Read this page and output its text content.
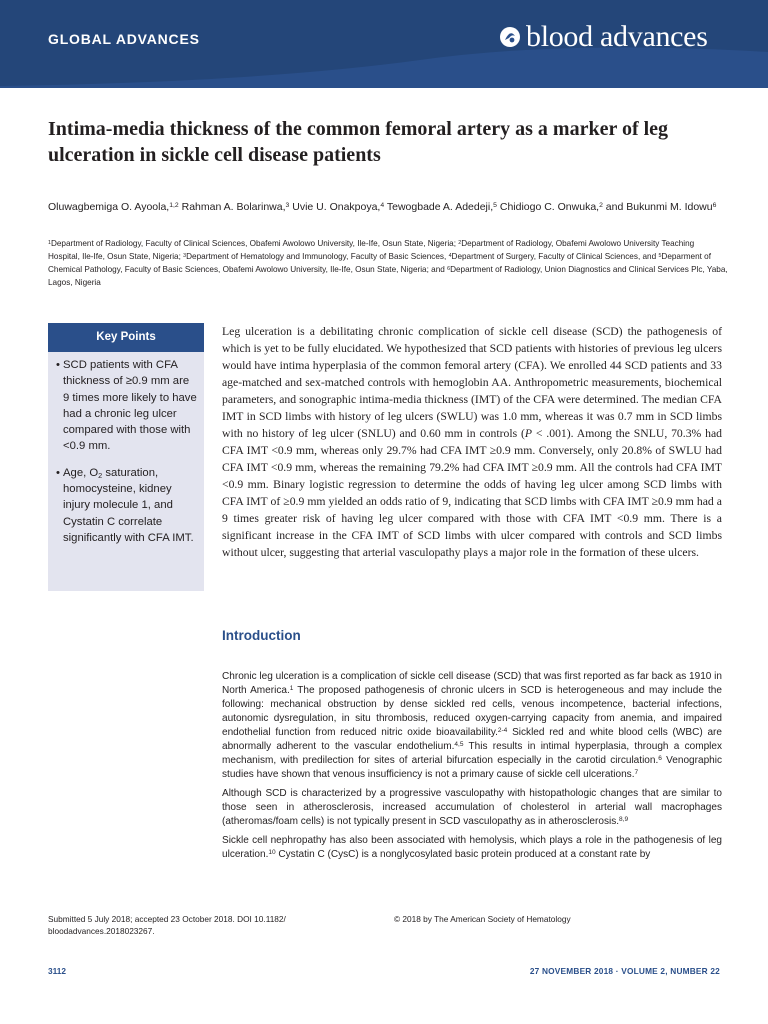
GLOBAL ADVANCES	blood advances
Intima-media thickness of the common femoral artery as a marker of leg ulceration in sickle cell disease patients
Oluwagbemiga O. Ayoola,$^{1,2}$ Rahman A. Bolarinwa,$^3$ Uvie U. Onakpoya,$^4$ Tewogbade A. Adedeji,$^5$ Chidiogo C. Onwuka,$^2$ and Bukunmi M. Idowu$^6$
$^1$Department of Radiology, Faculty of Clinical Sciences, Obafemi Awolowo University, Ile-Ife, Osun State, Nigeria; $^2$Department of Radiology, Obafemi Awolowo University Teaching Hospital, Ile-Ife, Osun State, Nigeria; $^3$Department of Hematology and Immunology, Faculty of Basic Sciences, $^4$Department of Surgery, Faculty of Clinical Sciences, and $^5$Deparment of Chemical Pathology, Faculty of Basic Sciences, Obafemi Awolowo University, Ile-Ife, Osun State, Nigeria; and $^6$Department of Radiology, Union Diagnostics and Clinical Services Plc, Yaba, Lagos, Nigeria
Key Points
• SCD patients with CFA thickness of ≥0.9 mm are 9 times more likely to have had a chronic leg ulcer compared with those with <0.9 mm.
• Age, $O_2$ saturation, homocysteine, kidney injury molecule 1, and Cystatin C correlate significantly with CFA IMT.
Leg ulceration is a debilitating chronic complication of sickle cell disease (SCD) the pathogenesis of which is yet to be fully elucidated. We hypothesized that SCD patients with histories of previous leg ulcers would have intima hyperplasia of the common femoral artery (CFA). We enrolled 44 SCD patients and 33 age-matched and sex-matched controls with hemoglobin AA. Anthropometric measurements, biochemical parameters, and sonographic intima-media thickness (IMT) of the CFA were determined. The median CFA IMT in SCD limbs with history of leg ulcers (SWLU) was 1.0 mm, whereas it was 0.7 mm in SCD limbs with no history of leg ulcer (SNLU) and 0.60 mm in controls (P < .001). Among the SNLU, 70.3% had CFA IMT <0.9 mm, whereas only 29.7% had CFA IMT ≥0.9 mm. Conversely, only 20.8% of SWLU had CFA IMT <0.9 mm, whereas the remaining 79.2% had CFA IMT ≥0.9 mm. All the controls had CFA IMT <0.9 mm. Binary logistic regression to determine the odds of having leg ulcer among SCD limbs with CFA IMT of ≥0.9 mm yielded an odds ratio of 9, indicating that SCD limbs with CFA IMT ≥0.9 mm had a 9 times greater risk of having leg ulcer compared with those with CFA IMT <0.9 mm. There is a significant increase in the CFA IMT of SCD limbs with ulcer compared with controls and SCD limbs without ulcer, suggesting that arterial vasculopathy plays a major role in the formation of these ulcers.
Introduction

Chronic leg ulceration is a complication of sickle cell disease (SCD) that was first reported as far back as 1910 in North America.$^1$ The proposed pathogenesis of chronic ulcers in SCD is heterogeneous and may include the following: mechanical obstruction by dense sickled red cells, venous incompetence, bacterial infections, autonomic dysregulation, in situ thrombosis, reduced oxygen-carrying capacity from anemia, and impaired endothelial function from reduced nitric oxide bioavailability.$^{2-4}$ Sickled red and white blood cells (WBC) are abnormally adherent to the vascular endothelium.$^{4,5}$ This results in intimal hyperplasia, through a complex mechanism, with predilection for sites of arterial bifurcation especially in the carotid circulation.$^6$ Venographic studies have shown that venous insufficiency is not a primary cause of sickle cell ulcerations.$^7$

Although SCD is characterized by a progressive vasculopathy with histopathologic changes that are similar to those seen in atherosclerosis, increased accumulation of cholesterol in arterial wall macrophages (atheromas/foam cells) is not typically present in SCD vasculopathy as in atherosclerosis.$^{8,9}$

Sickle cell nephropathy has also been associated with hemolysis, which plays a role in the pathogenesis of leg ulceration.$^{10}$ Cystatin C (CysC) is a nonglycosylated basic protein produced at a constant rate by

Submitted 5 July 2018; accepted 23 October 2018. DOI 10.1182/ bloodadvances.2018023267.
© 2018 by The American Society of Hematology
3112	27 NOVEMBER 2018 · VOLUME 2, NUMBER 22
